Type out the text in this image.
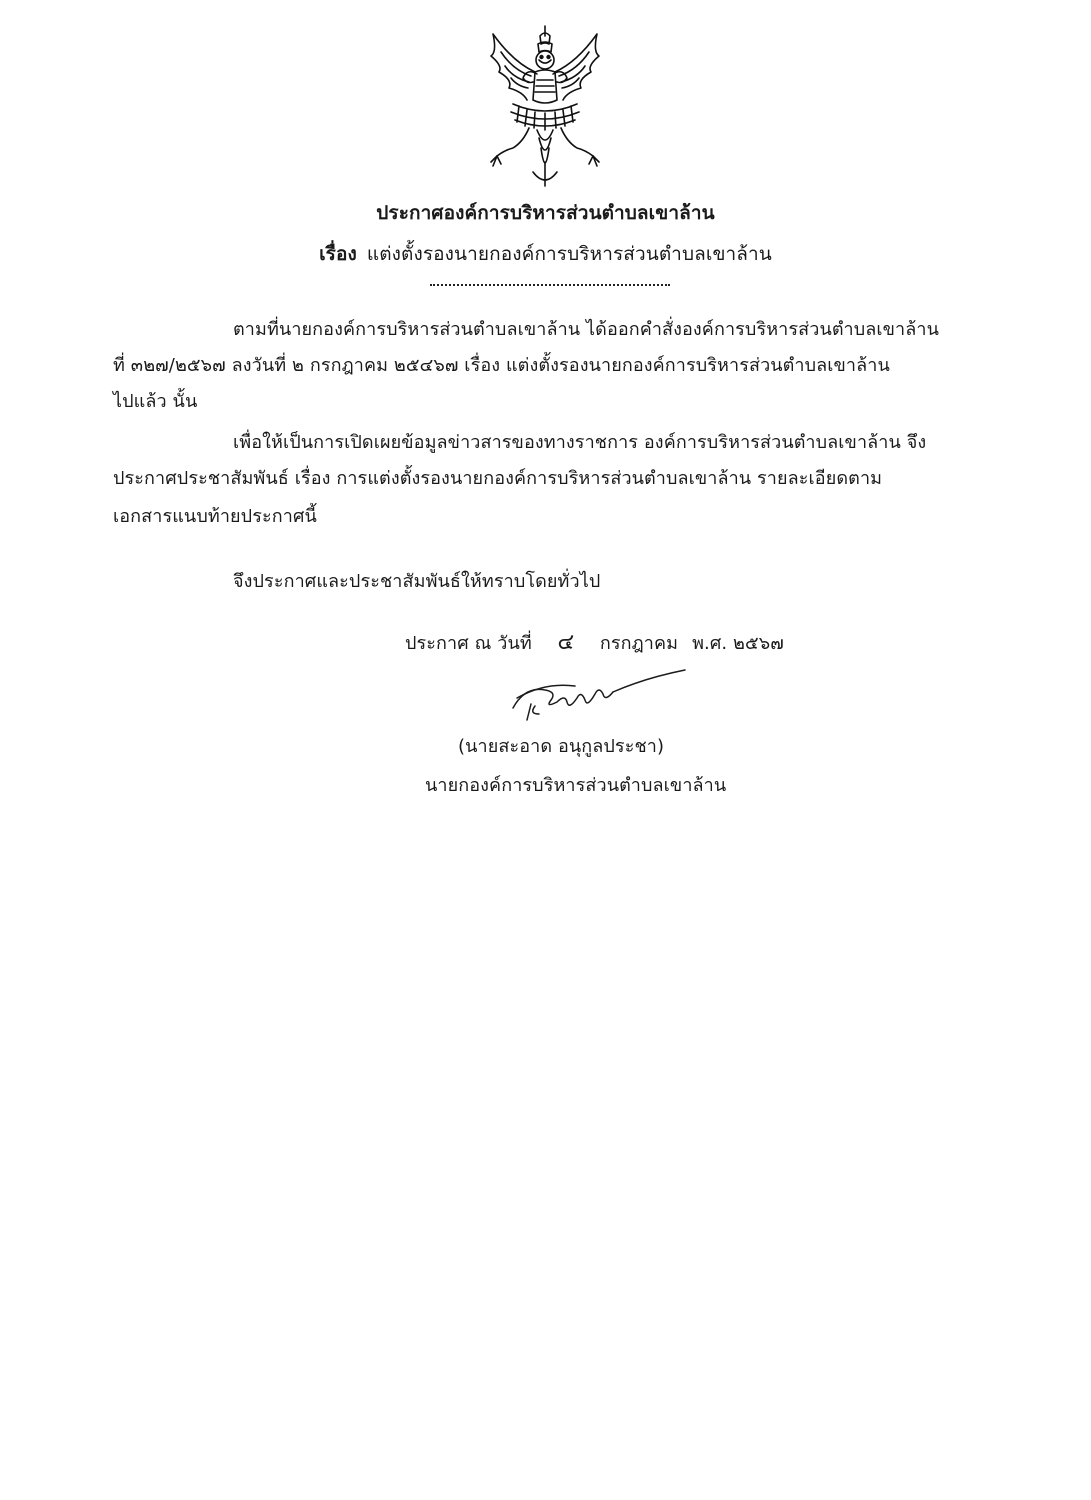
ประกาศองค์การบริหารส่วนตำบลเขาล้าน
เรื่อง แต่งตั้งรองนายกองค์การบริหารส่วนตำบลเขาล้าน
ตามที่นายกองค์การบริหารส่วนตำบลเขาล้าน ได้ออกคำสั่งองค์การบริหารส่วนตำบลเขาล้าน
ที่ ๓๒๗/๒๕๖๗ ลงวันที่ ๒ กรกฎาคม ๒๕๔๖๗ เรื่อง แต่งตั้งรองนายกองค์การบริหารส่วนตำบลเขาล้าน
ไปแล้ว นั้น
เพื่อให้เป็นการเปิดเผยข้อมูลข่าวสารของทางราชการ องค์การบริหารส่วนตำบลเขาล้าน จึง
ประกาศประชาสัมพันธ์ เรื่อง การแต่งตั้งรองนายกองค์การบริหารส่วนตำบลเขาล้าน รายละเอียดตาม
เอกสารแนบท้ายประกาศนี้
จึงประกาศและประชาสัมพันธ์ให้ทราบโดยทั่วไป
ประกาศ ณ วันที่ ๔ กรกฎาคม พ.ศ. ๒๕๖๗
(นายสะอาด อนุกูลประชา)
นายกองค์การบริหารส่วนตำบลเขาล้าน
